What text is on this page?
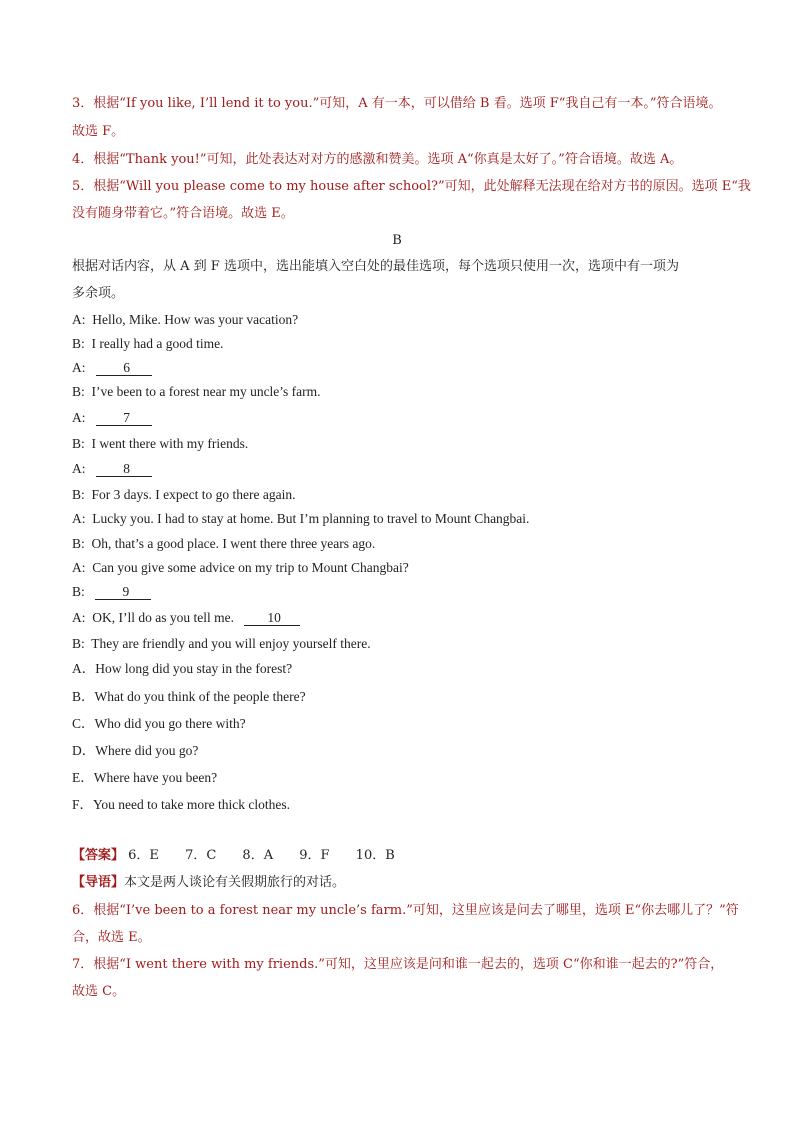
3．根据“If you like, I’ll lend it to you.”可知，A 有一本，可以借给 B 看。选项 F“我自己有一本。”符合语境。
故选 F。
4．根据“Thank you!”可知，此处表达对对方的感激和赞美。选项 A“你真是太好了。”符合语境。故选 A。
5．根据“Will you please come to my house after school?”可知，此处解释无法现在给对方书的原因。选项 E“我
没有随身带着它。”符合语境。故选 E。
B
根据对话内容，从 A 到 F 选项中，选出能填入空白处的最佳选项，每个选项只使用一次，选项中有一项为
多余项。
A: Hello, Mike. How was your vacation?
B: I really had a good time.
A:	6
B: I’ve been to a forest near my uncle’s farm.
A:	7
B: I went there with my friends.
A:	8
B: For 3 days. I expect to go there again.
A: Lucky you. I had to stay at home. But I’m planning to travel to Mount Changbai.
B: Oh, that’s a good place. I went there three years ago.
A: Can you give some advice on my trip to Mount Changbai?
B:	9
A: OK, I’ll do as you tell me. 10
B: They are friendly and you will enjoy yourself there.
A．How long did you stay in the forest?
B．What do you think of the people there?
C．Who did you go there with?
D．Where did you go?
E．Where have you been?
F．You need to take more thick clothes.
【答案】 6．E 7．C 8．A 9．F 10．B
【导语】本文是两人谈论有关假期旅行的对话。
6．根据“I’ve been to a forest near my uncle’s farm.”可知，这里应该是问去了哪里，选项 E“你去哪儿了？”符
合，故选 E。
7．根据“I went there with my friends.”可知，这里应该是问和谁一起去的，选项 C“你和谁一起去的?”符合，
故选 C。
